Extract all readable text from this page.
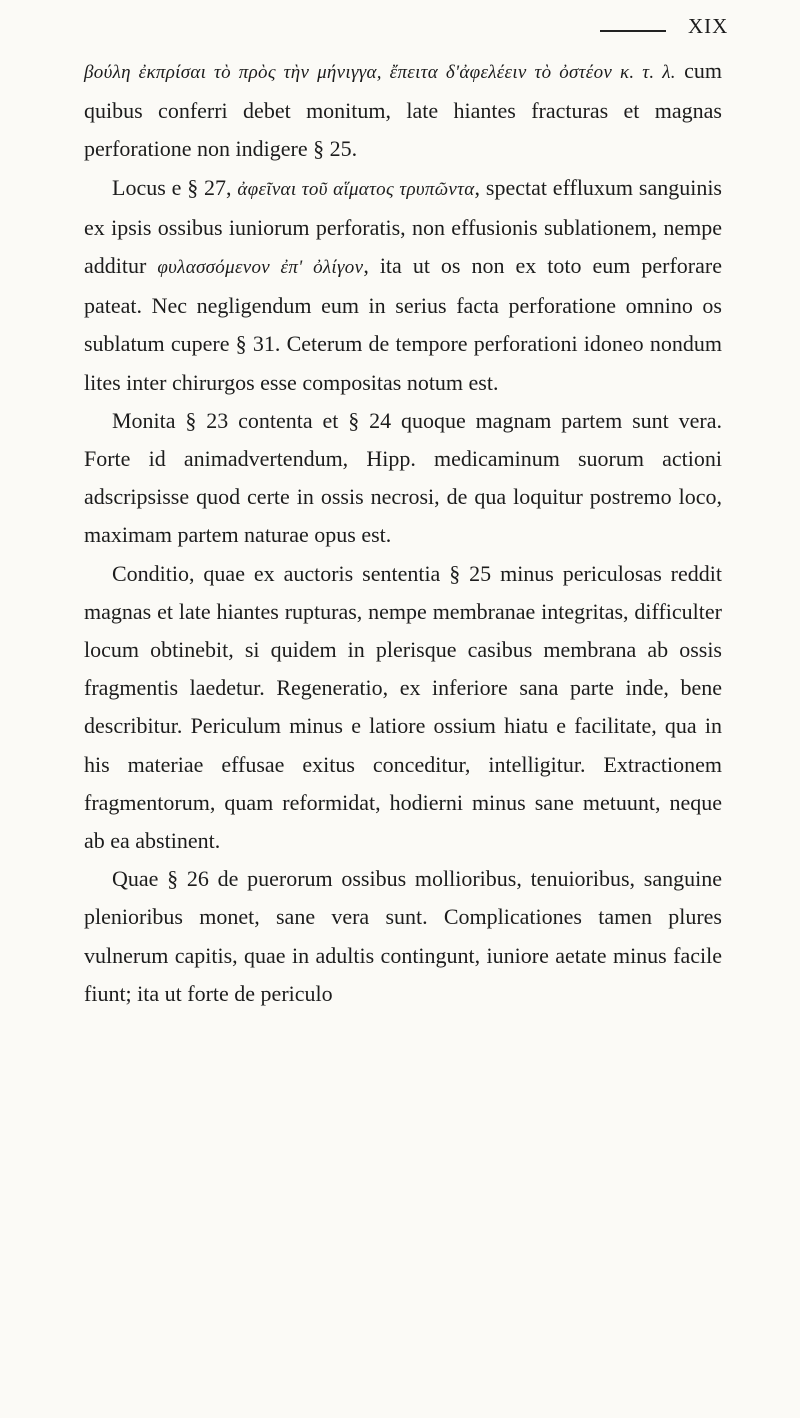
XIX

βούλη ἐκπρίσαι τὸ πρὸς τὴν μήνιγγα, ἔπειτα δ'ἀφελέειν τὸ ὀστέον κ. τ. λ. cum quibus conferri debet monitum, late hiantes fracturas et magnas perforatione non indigere § 25.

Locus e § 27, ἀφεῖναι τοῦ αἵματος τρυπῶντα, spectat effluxum sanguinis ex ipsis ossibus iuniorum perforatis, non effusionis sublationem, nempe additur φυλασσόμενον ἐπ' ὀλίγον, ita ut os non ex toto eum perforare pateat. Nec negligendum eum in serius facta perforatione omnino os sublatum cupere § 31. Ceterum de tempore perforationi idoneo nondum lites inter chirurgos esse compositas notum est.

Monita § 23 contenta et § 24 quoque magnam partem sunt vera. Forte id animadvertendum, Hipp. medicaminum suorum actioni adscripsisse quod certe in ossis necrosi, de qua loquitur postremo loco, maximam partem naturae opus est.

Conditio, quae ex auctoris sententia § 25 minus periculosas reddit magnas et late hiantes rupturas, nempe membranae integritas, difficulter locum obtinebit, si quidem in plerisque casibus membrana ab ossis fragmentis laedetur. Regeneratio, ex inferiore sana parte inde, bene describitur. Periculum minus e latiore ossium hiatu e facilitate, qua in his materiae effusae exitus conceditur, intelligitur. Extractionem fragmentorum, quam reformidat, hodierni minus sane metuunt, neque ab ea abstinent.

Quae § 26 de puerorum ossibus mollioribus, tenuioribus, sanguine plenioribus monet, sane vera sunt. Complicationes tamen plures vulnerum capitis, quae in adultis contingunt, iuniore aetate minus facile fiunt; ita ut forte de periculo
